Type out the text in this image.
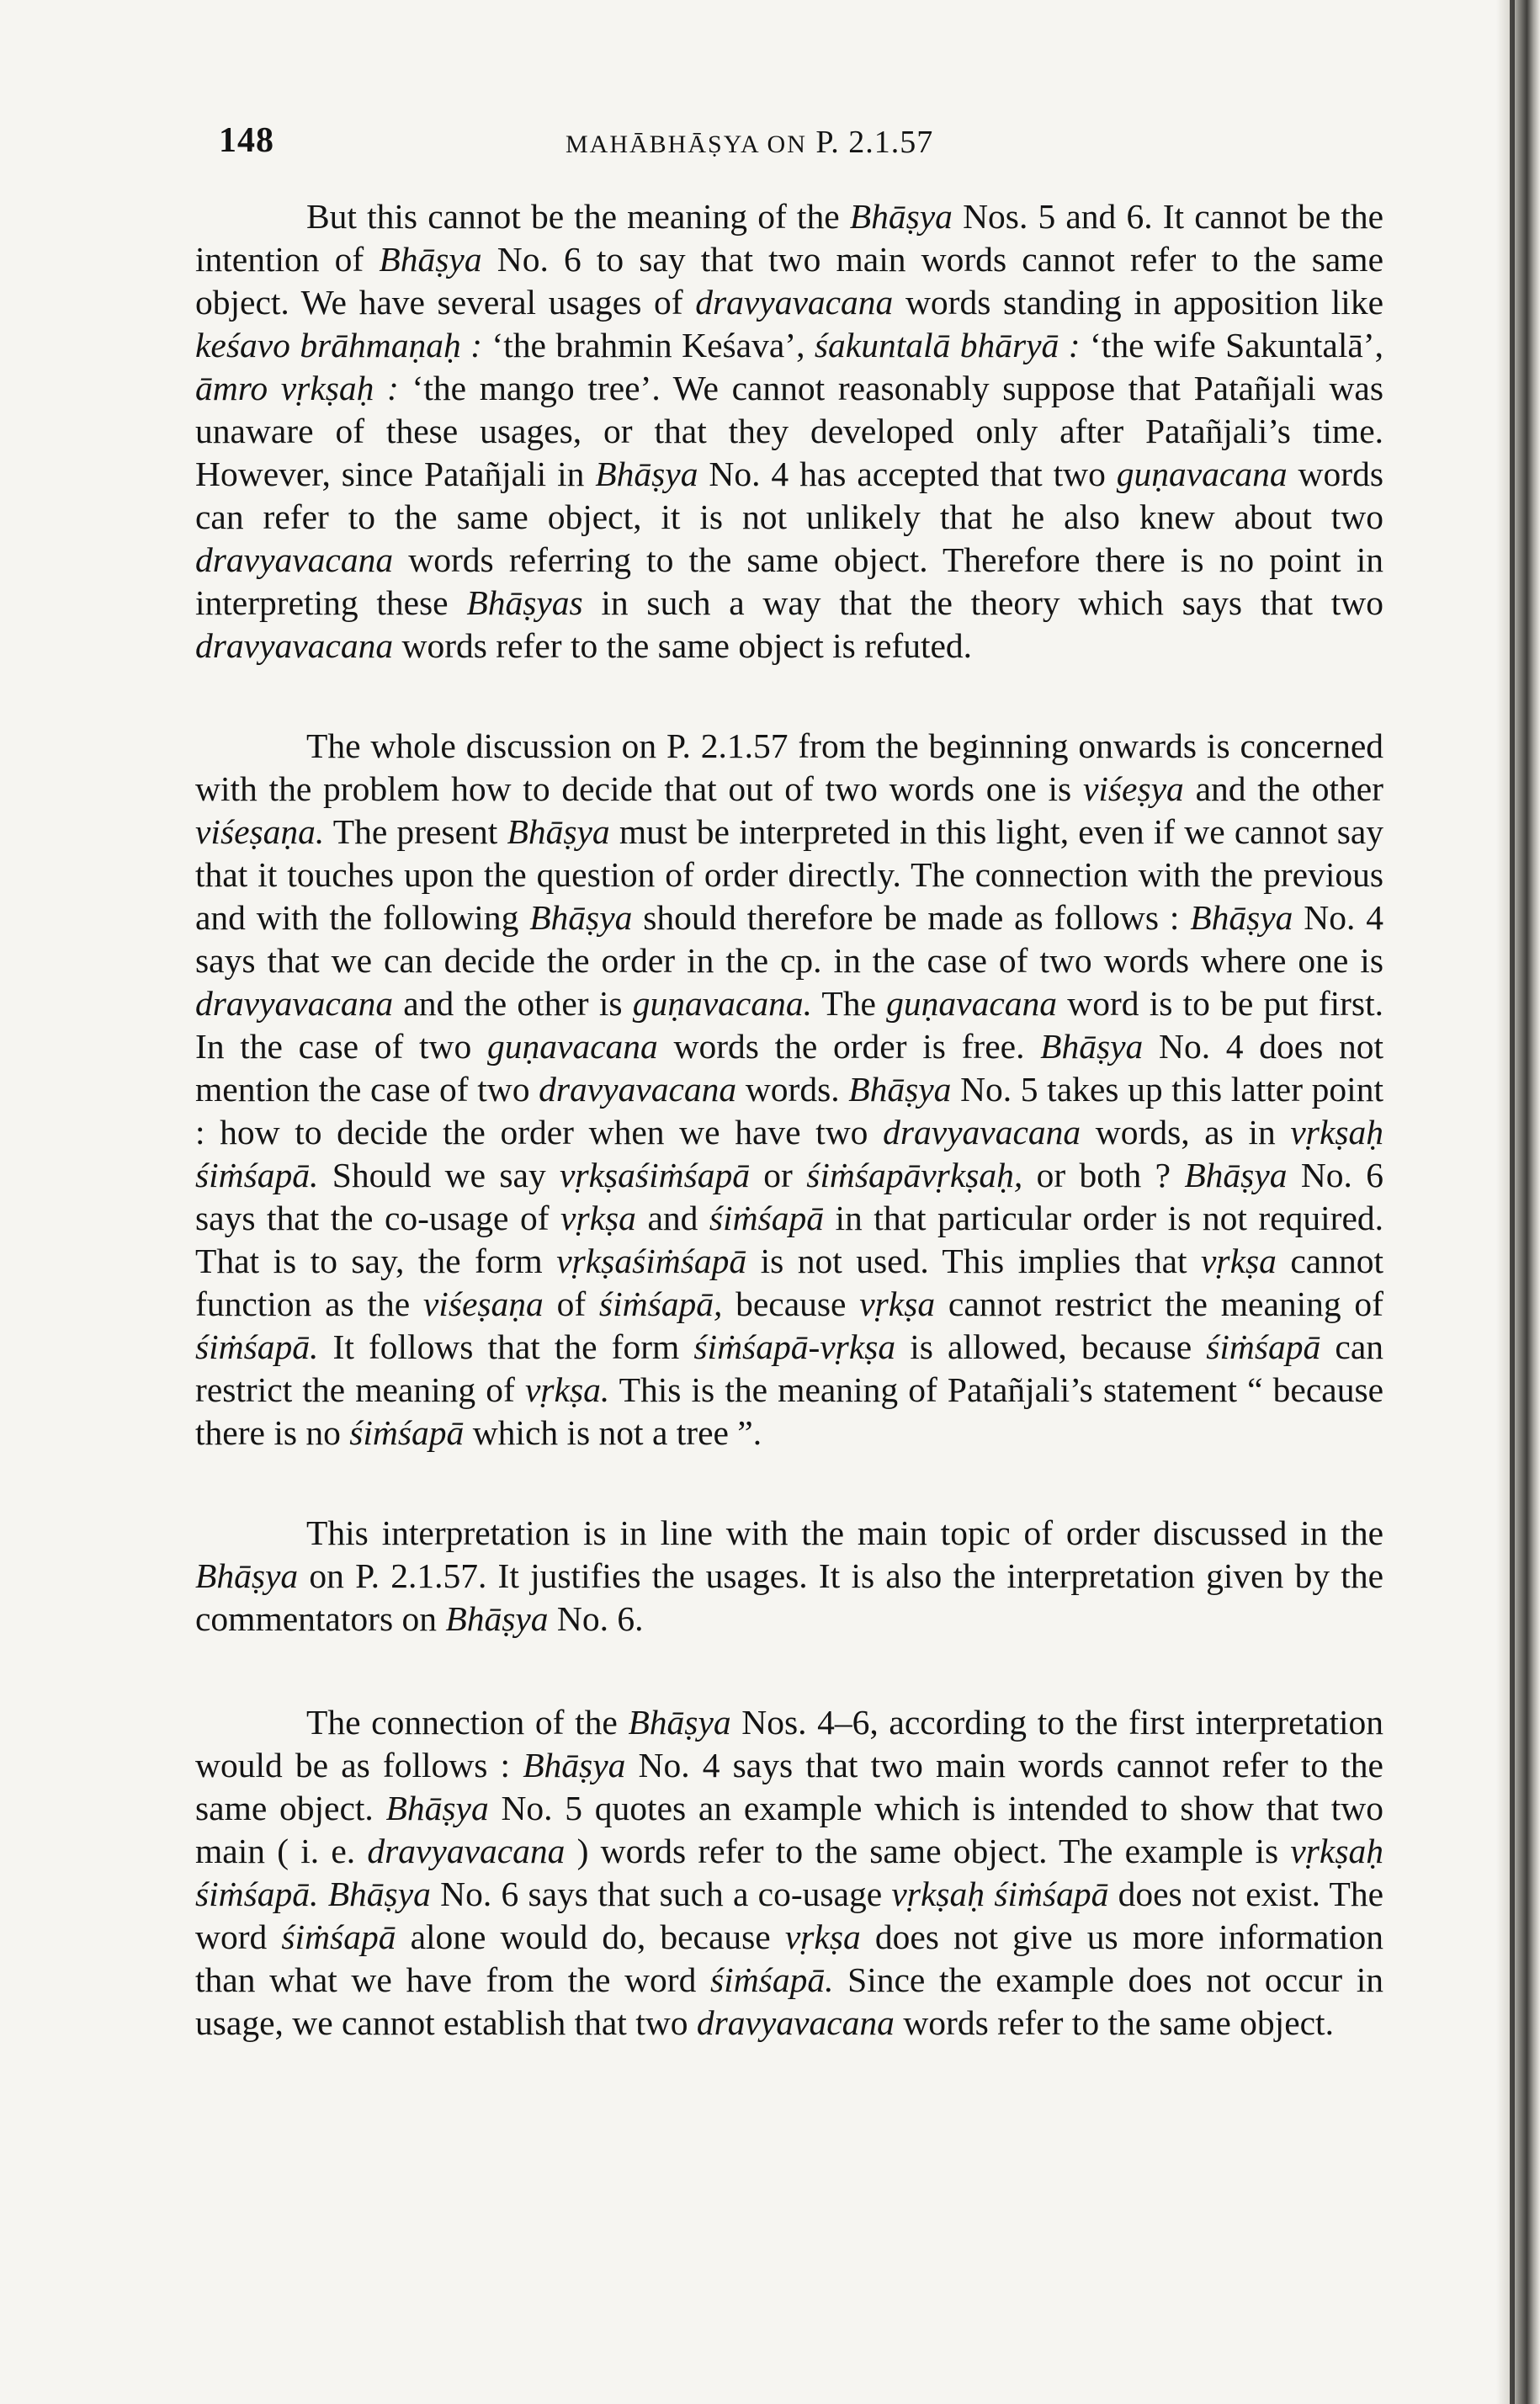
148	MAHĀBHĀṢYA ON P. 2.1.57

But this cannot be the meaning of the Bhāṣya Nos. 5 and 6. It cannot be the intention of Bhāṣya No. 6 to say that two main words cannot refer to the same object. We have several usages of dravyavacana words standing in apposition like keśavo brāhmaṇaḥ : ‘the brahmin Keśava’, śakuntalā bhāryā : ‘the wife Sakuntalā’, āmro vṛkṣaḥ : ‘the mango tree’. We cannot reasonably suppose that Patañjali was unaware of these usages, or that they developed only after Patañjali’s time. However, since Patañjali in Bhāṣya No. 4 has accepted that two guṇavacana words can refer to the same object, it is not unlikely that he also knew about two dravyavacana words referring to the same object. Therefore there is no point in interpreting these Bhāṣyas in such a way that the theory which says that two dravyavacana words refer to the same object is refuted.

The whole discussion on P. 2.1.57 from the beginning onwards is concerned with the problem how to decide that out of two words one is viśeṣya and the other viśeṣaṇa. The present Bhāṣya must be interpreted in this light, even if we cannot say that it touches upon the question of order directly. The connection with the previous and with the following Bhāṣya should therefore be made as follows : Bhāṣya No. 4 says that we can decide the order in the cp. in the case of two words where one is dravyavacana and the other is guṇavacana. The guṇavacana word is to be put first. In the case of two guṇavacana words the order is free. Bhāṣya No. 4 does not mention the case of two dravyavacana words. Bhāṣya No. 5 takes up this latter point : how to decide the order when we have two dravyavacana words, as in vṛkṣaḥ śiṁśapā. Should we say vṛkṣaśiṁśapā or śiṁśapāvṛkṣaḥ, or both ? Bhāṣya No. 6 says that the co-usage of vṛkṣa and śiṁśapā in that particular order is not required. That is to say, the form vṛkṣaśiṁśapā is not used. This implies that vṛkṣa cannot function as the viśeṣaṇa of śiṁśapā, because vṛkṣa cannot restrict the meaning of śiṁśapā. It follows that the form śiṁśapā-vṛkṣa is allowed, because śiṁśapā can restrict the meaning of vṛkṣa. This is the meaning of Patañjali’s statement “ because there is no śiṁśapā which is not a tree ”.

This interpretation is in line with the main topic of order discussed in the Bhāṣya on P. 2.1.57. It justifies the usages. It is also the interpretation given by the commentators on Bhāṣya No. 6.

The connection of the Bhāṣya Nos. 4–6, according to the first interpretation would be as follows : Bhāṣya No. 4 says that two main words cannot refer to the same object. Bhāṣya No. 5 quotes an example which is intended to show that two main ( i. e. dravyavacana ) words refer to the same object. The example is vṛkṣaḥ śiṁśapā. Bhāṣya No. 6 says that such a co-usage vṛkṣaḥ śiṁśapā does not exist. The word śiṁśapā alone would do, because vṛkṣa does not give us more information than what we have from the word śiṁśapā. Since the example does not occur in usage, we cannot establish that two dravyavacana words refer to the same object.
